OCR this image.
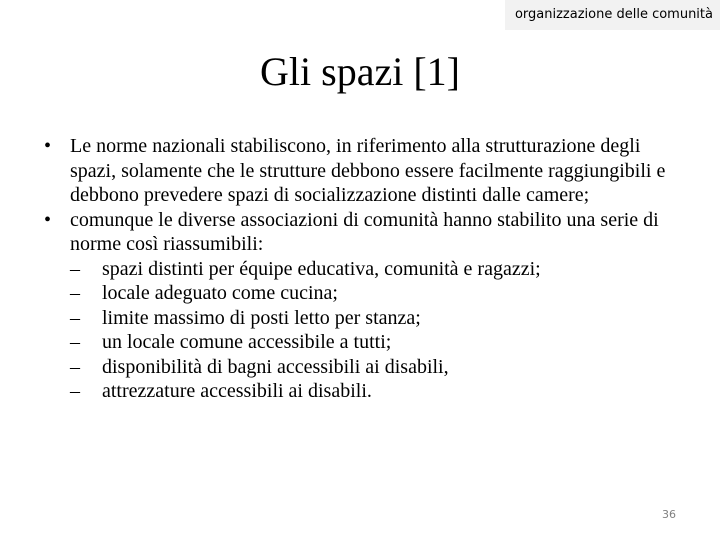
organizzazione delle comunità
Gli spazi [1]
• Le norme nazionali stabiliscono, in riferimento alla strutturazione degli spazi, solamente che le strutture debbono essere facilmente raggiungibili e debbono prevedere spazi di socializzazione distinti dalle camere;
• comunque le diverse associazioni di comunità hanno stabilito una serie di norme così riassumibili:
– spazi distinti per équipe educativa, comunità e ragazzi;
– locale adeguato come cucina;
– limite massimo di posti letto per stanza;
– un locale comune accessibile a tutti;
– disponibilità di bagni accessibili ai disabili,
– attrezzature accessibili ai disabili.
36
